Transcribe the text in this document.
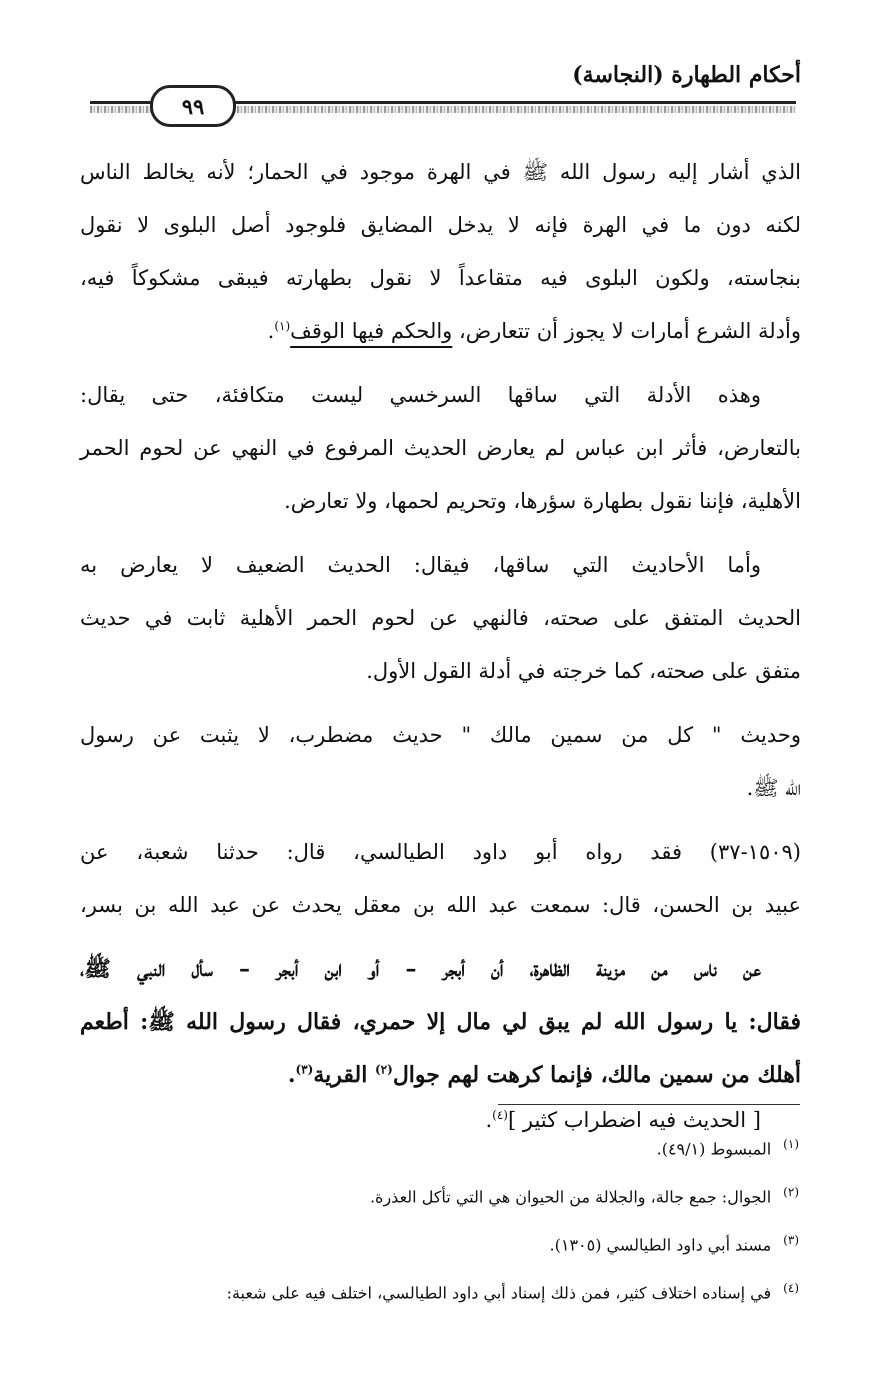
أحكام الطهارة (النجاسة)
٩٩
الذي أشار إليه رسول الله ﷺ في الهرة موجود في الحمار؛ لأنه يخالط الناس
لكنه دون ما في الهرة فإنه لا يدخل المضايق فلوجود أصل البلوى لا نقول
بنجاسته، ولكون البلوى فيه متقاعداً لا نقول بطهارته فيبقى مشكوكاً فيه،
وأدلة الشرع أمارات لا يجوز أن تتعارض، والحكم فيها الوقف$^{(١)}$.
وهذه الأدلة التي ساقها السرخسي ليست متكافئة، حتى يقال:
بالتعارض، فأثر ابن عباس لم يعارض الحديث المرفوع في النهي عن لحوم الحمر
الأهلية، فإننا نقول بطهارة سؤرها، وتحريم لحمها، ولا تعارض.
وأما الأحاديث التي ساقها، فيقال: الحديث الضعيف لا يعارض به
الحديث المتفق على صحته، فالنهي عن لحوم الحمر الأهلية ثابت في حديث
متفق على صحته، كما خرجته في أدلة القول الأول.
وحديث " كل من سمين مالك " حديث مضطرب، لا يثبت عن رسول
الله ﷺ.
(١٥٠٩-٣٧) فقد رواه أبو داود الطيالسي، قال: حدثنا شعبة، عن
عبيد بن الحسن، قال: سمعت عبد الله بن معقل يحدث عن عبد الله بن بسر،
عن ناس من مزينة الظاهرة، أن أبجر – أو ابن أبجر – سأل النبي ﷺ،
فقال: يا رسول الله لم يبق لي مال إلا حمري، فقال رسول الله ﷺ: أطعم
أهلك من سمين مالك، فإنما كرهت لهم جوال$^{(٢)}$ القرية$^{(٣)}$.
[ الحديث فيه اضطراب كثير ]$^{(٤)}$.
$^{(١)}$المبسوط (٤٩/١).
$^{(٢)}$الجوال: جمع جالة، والجلالة من الحيوان هي التي تأكل العذرة.
$^{(٣)}$مسند أبي داود الطيالسي (١٣٠٥).
$^{(٤)}$في إسناده اختلاف كثير، فمن ذلك إسناد أبي داود الطيالسي، اختلف فيه على شعبة:
